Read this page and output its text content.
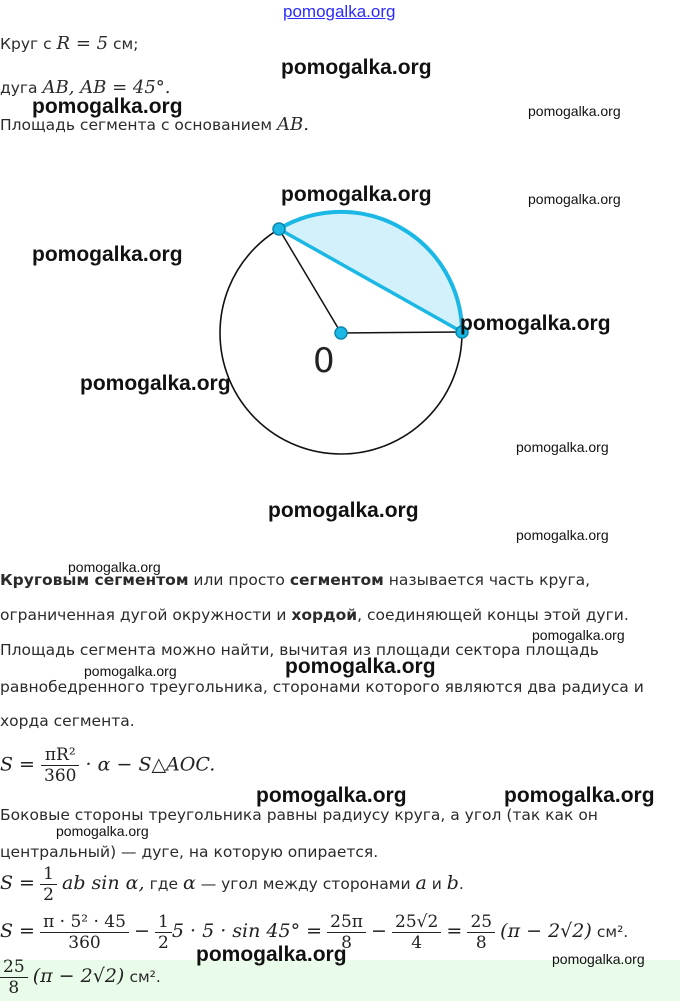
pomogalka.org
Круг с R = 5 см;
дуга AB, AB = 45°.
Площадь сегмента с основанием AB.
0
Круговым сегментом или просто сегментом называется часть круга,
ограниченная дугой окружности и хордой, соединяющей концы этой дуги.
Площадь сегмента можно найти, вычитая из площади сектора площадь
равнобедренного треугольника, сторонами которого являются два радиуса и
хорда сегмента.
$S = \frac{\text{πR²}}{360} \cdot \alpha$ − S△AOC.
Боковые стороны треугольника равны радиусу круга, а угол (так как он
центральный) — дуге, на которую опирается.
$S = \frac{1}{2}$ ab sin α, где α — угол между сторонами a и b.
$S = \frac{\text{π · 5² · 45}}{360} - \frac{1}{2} 5 \cdot 5 \cdot \sin 45^\circ = \frac{25\pi}{8} - \frac{25√2}{4} = \frac{25}{8} (\pi - 2√2)$ см².
$\frac{25}{8} (\pi - 2√2)$ см².
pomogalka.org
pomogalka.org	pomogalka.org
pomogalka.org	pomogalka.org
pomogalka.org
pomogalka.org
pomogalka.org
pomogalka.org
pomogalka.org
pomogalka.org
pomogalka.org
pomogalka.org
pomogalka.org
pomogalka.org
pomogalka.org	pomogalka.org
pomogalka.org
pomogalka.org	pomogalka.org
